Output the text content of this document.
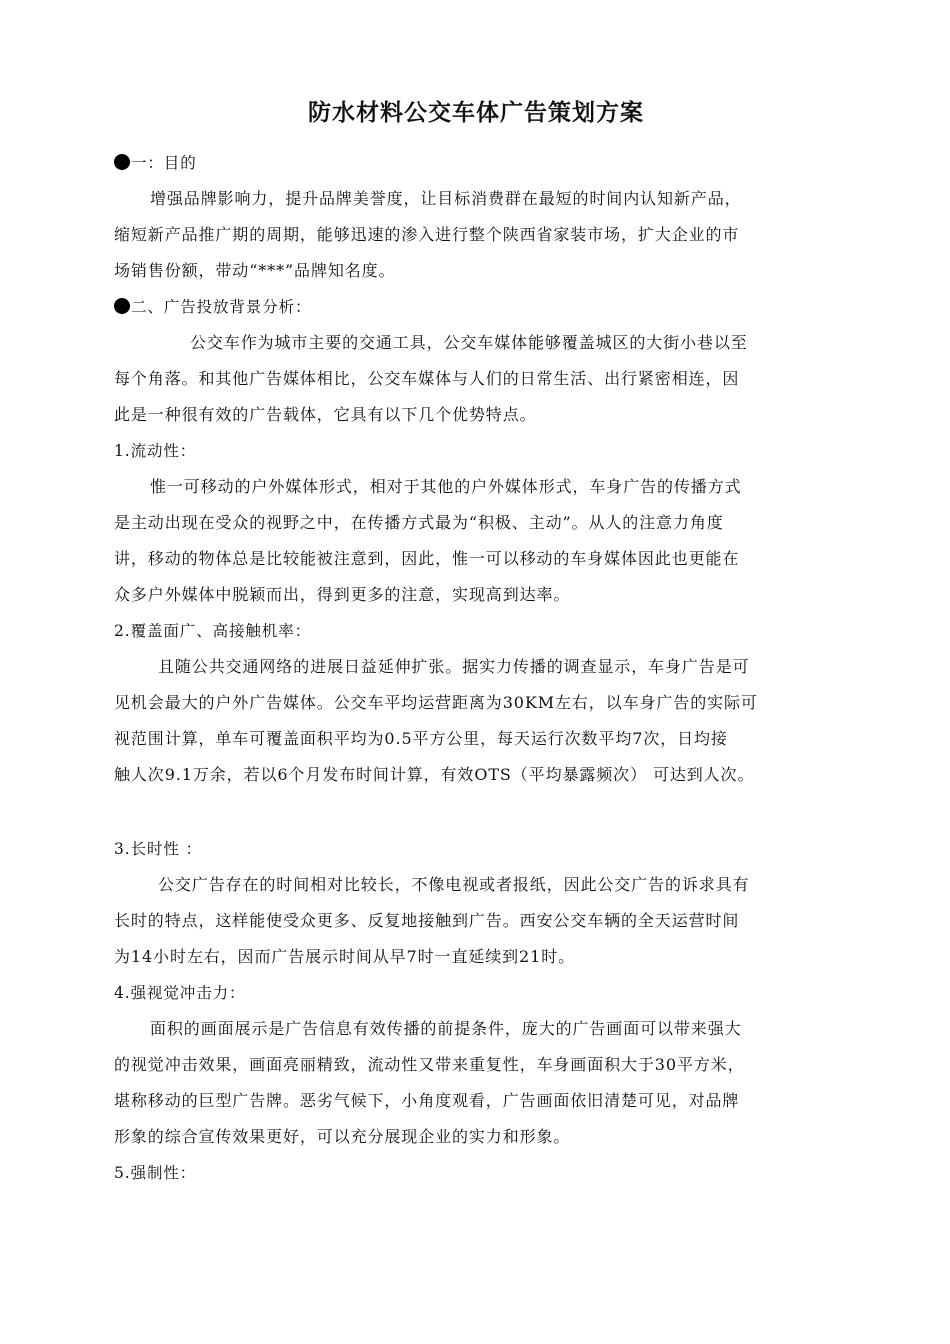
防水材料公交车体广告策划方案
一：目的
增强品牌影响力，提升品牌美誉度，让目标消费群在最短的时间内认知新产品，
缩短新产品推广期的周期，能够迅速的渗入进行整个陕西省家装市场，扩大企业的市
场销售份额，带动“***”品牌知名度。
二、广告投放背景分析：
公交车作为城市主要的交通工具，公交车媒体能够覆盖城区的大街小巷以至
每个角落。和其他广告媒体相比，公交车媒体与人们的日常生活、出行紧密相连，因
此是一种很有效的广告载体，它具有以下几个优势特点。
1.流动性：
惟一可移动的户外媒体形式，相对于其他的户外媒体形式，车身广告的传播方式
是主动出现在受众的视野之中，在传播方式最为“积极、主动”。从人的注意力角度
讲，移动的物体总是比较能被注意到，因此，惟一可以移动的车身媒体因此也更能在
众多户外媒体中脱颖而出，得到更多的注意，实现高到达率。
2.覆盖面广、高接触机率：
且随公共交通网络的进展日益延伸扩张。据实力传播的调查显示，车身广告是可
见机会最大的户外广告媒体。公交车平均运营距离为30KM左右，以车身广告的实际可
视范围计算，单车可覆盖面积平均为0.5平方公里，每天运行次数平均7次，日均接
触人次9.1万余，若以6个月发布时间计算，有效OTS（平均暴露频次） 可达到人次。
3.长时性 ：
公交广告存在的时间相对比较长，不像电视或者报纸，因此公交广告的诉求具有
长时的特点，这样能使受众更多、反复地接触到广告。西安公交车辆的全天运营时间
为14小时左右，因而广告展示时间从早7时一直延续到21时。
4.强视觉冲击力：
面积的画面展示是广告信息有效传播的前提条件，庞大的广告画面可以带来强大
的视觉冲击效果，画面亮丽精致，流动性又带来重复性，车身画面积大于30平方米，
堪称移动的巨型广告牌。恶劣气候下，小角度观看，广告画面依旧清楚可见，对品牌
形象的综合宣传效果更好，可以充分展现企业的实力和形象。
5.强制性：
